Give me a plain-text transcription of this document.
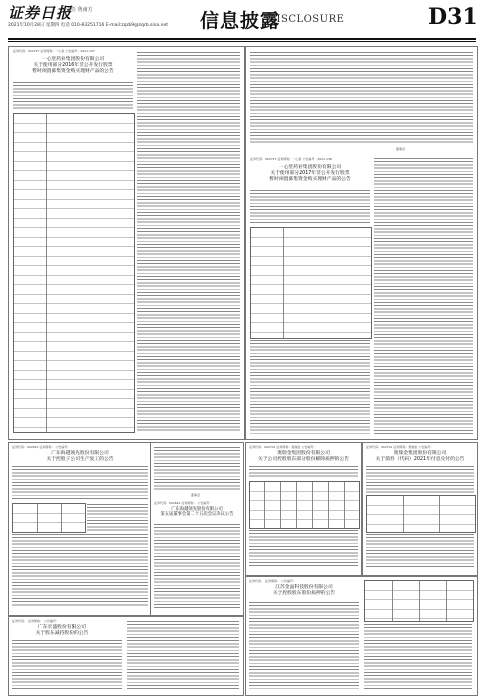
证券日报
责任 鲁南方
2021年10月28日 星期四 电话 010-83251716 E-mail:zqrb9@zqrb.sina.net 信息披露
DISCLOSURE	D31
证券代码：002727 证券简称：一心堂 公告编号：2021-137
一心堂药业集团股份有限公司
关于使用部分2016年非公开发行股票
暂时闲置募集资金购买理财产品的公告
董事会
证券代码：002727 证券简称：一心堂 公告编号：2021-138
一心堂药业集团股份有限公司
关于使用部分2017年非公开发行股票
暂时闲置募集资金购买理财产品的公告
证券代码：002641 证券简称： 公告编号：
广东海越领先股份有限公司
关于控股子公司生产复工的公告
董事会
证券代码：002641 证券简称： 公告编号：
广东海越领先股份有限公司
第五届董事会第二十五次会议决议公告
证券代码： 证券简称： 公告编号：
广东宏盛股份有限公司
关于股东减持股份的公告
证券代码：002701 证券简称：奥瑞金 公告编号：
奥瑞金集团股份有限公司
关于公司控股股东部分股份解除质押的公告
证券代码：002701 证券简称：奥瑞金 公告编号：
奥瑞金集团股份有限公司
关于债券（代码）2021年付息兑付的公告
证券代码： 证券简称： 公告编号：
江苏金晶科技股份有限公司
关于控股股东股份质押的公告
